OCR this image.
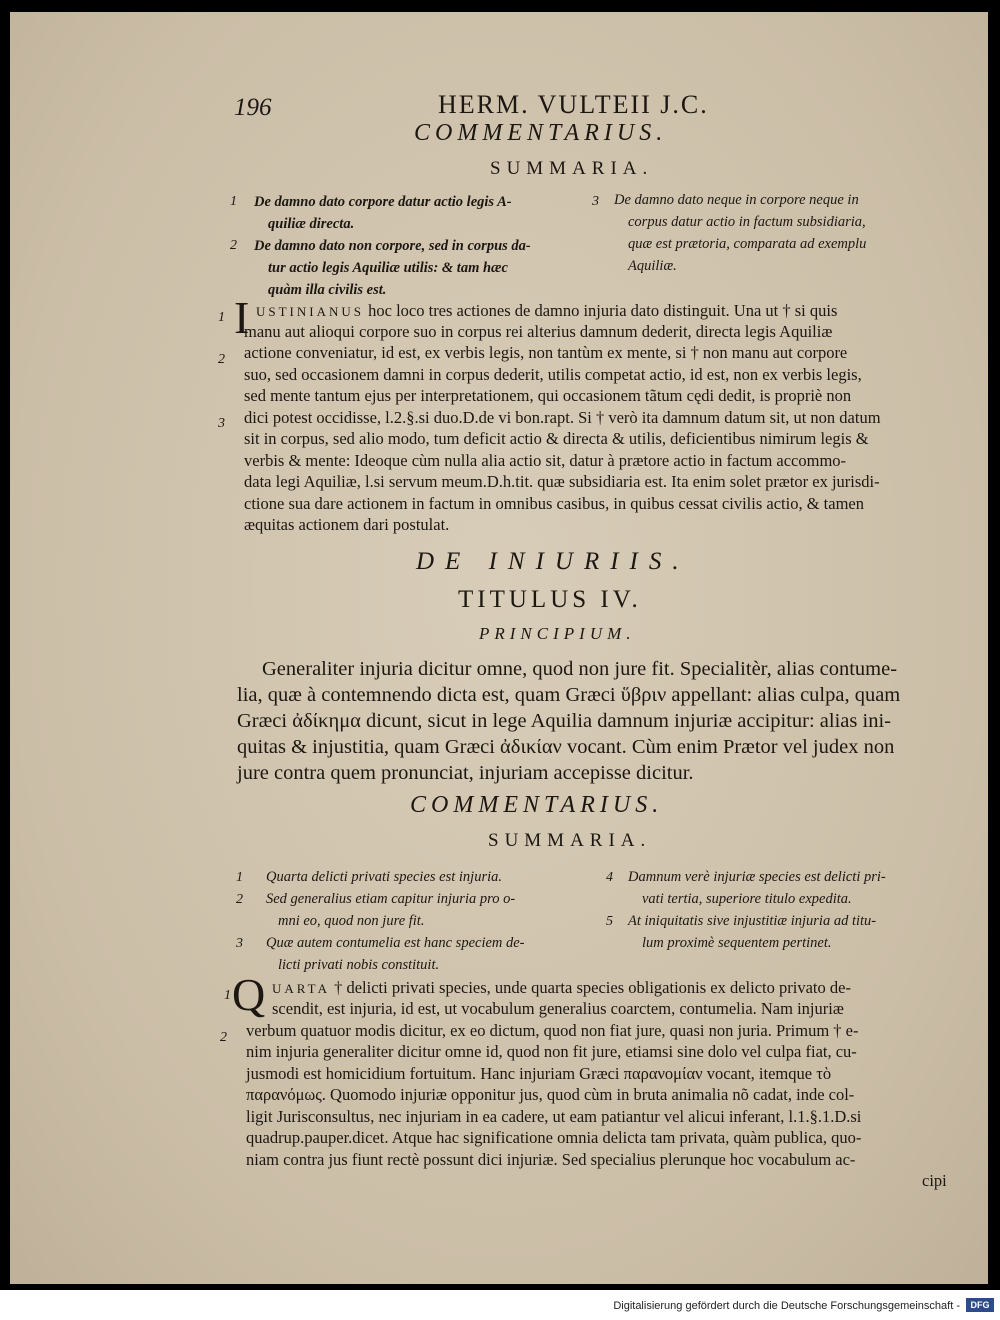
196	HERM. VULTEII J.C.
COMMENTARIUS.
SUMMARIA.
1 De damno dato corpore datur actio legis A-
quiliæ directa.
2 De damno dato non corpore, sed in corpus da-
tur actio legis Aquiliæ utilis: & tam hæc
quàm illa civilis est.
3 De damno dato neque in corpore neque in
corpus datur actio in factum subsidiaria,
quæ est prætoria, comparata ad exemplu
Aquiliæ.
1
2
3
I USTINIANUS hoc loco tres actiones de damno injuria dato distinguit. Una ut † si quis
manu aut alioqui corpore suo in corpus rei alterius damnum dederit, directa legis Aquiliæ
actione conveniatur, id est, ex verbis legis, non tantùm ex mente, si † non manu aut corpore
suo, sed occasionem damni in corpus dederit, utilis competat actio, id est, non ex verbis legis,
sed mente tantum ejus per interpretationem, qui occasionem tãtum cędi dedit, is propriè non
dici potest occidisse, l.2.§.si duo.D.de vi bon.rapt. Si † verò ita damnum datum sit, ut non datum
sit in corpus, sed alio modo, tum deficit actio & directa & utilis, deficientibus nimirum legis &
verbis & mente: Ideoque cùm nulla alia actio sit, datur à prætore actio in factum accommo-
data legi Aquiliæ, l.si servum meum.D.h.tit. quæ subsidiaria est. Ita enim solet prætor ex jurisdi-
ctione sua dare actionem in factum in omnibus casibus, in quibus cessat civilis actio, & tamen
æquitas actionem dari postulat.
DE INIURIIS.
TITULUS IV.
PRINCIPIUM.
Generaliter injuria dicitur omne, quod non jure fit. Specialitèr, alias contume-
lia, quæ à contemnendo dicta est, quam Græci ὕβριν appellant: alias culpa, quam
Græci ἀδίκημα dicunt, sicut in lege Aquilia damnum injuriæ accipitur: alias ini-
quitas & injustitia, quam Græci ἀδικίαν vocant. Cùm enim Prætor vel judex non
jure contra quem pronunciat, injuriam accepisse dicitur.
COMMENTARIUS.
SUMMARIA.
1 Quarta delicti privati species est injuria.
2 Sed generalius etiam capitur injuria pro o-
mni eo, quod non jure fit.
3 Quæ autem contumelia est hanc speciem de-
licti privati nobis constituit.
4 Damnum verè injuriæ species est delicti pri-
vati tertia, superiore titulo expedita.
5 At iniquitatis sive injustitiæ injuria ad titu-
lum proximè sequentem pertinet.
1
2
Q UARTA † delicti privati species, unde quarta species obligationis ex delicto privato de-
scendit, est injuria, id est, ut vocabulum generalius coarctem, contumelia. Nam injuriæ
verbum quatuor modis dicitur, ex eo dictum, quod non fiat jure, quasi non juria. Primum † e-
nim injuria generaliter dicitur omne id, quod non fit jure, etiamsi sine dolo vel culpa fiat, cu-
jusmodi est homicidium fortuitum. Hanc injuriam Græci παρανομίαν vocant, itemque τὸ
παρανόμως. Quomodo injuriæ opponitur jus, quod cùm in bruta animalia nõ cadat, inde col-
ligit Jurisconsultus, nec injuriam in ea cadere, ut eam patiantur vel alicui inferant, l.1.§.1.D.si
quadrup.pauper.dicet. Atque hac significatione omnia delicta tam privata, quàm publica, quo-
niam contra jus fiunt rectè possunt dici injuriæ. Sed specialius plerunque hoc vocabulum ac-
cipi
Digitalisierung gefördert durch die Deutsche Forschungsgemeinschaft -	DFG
